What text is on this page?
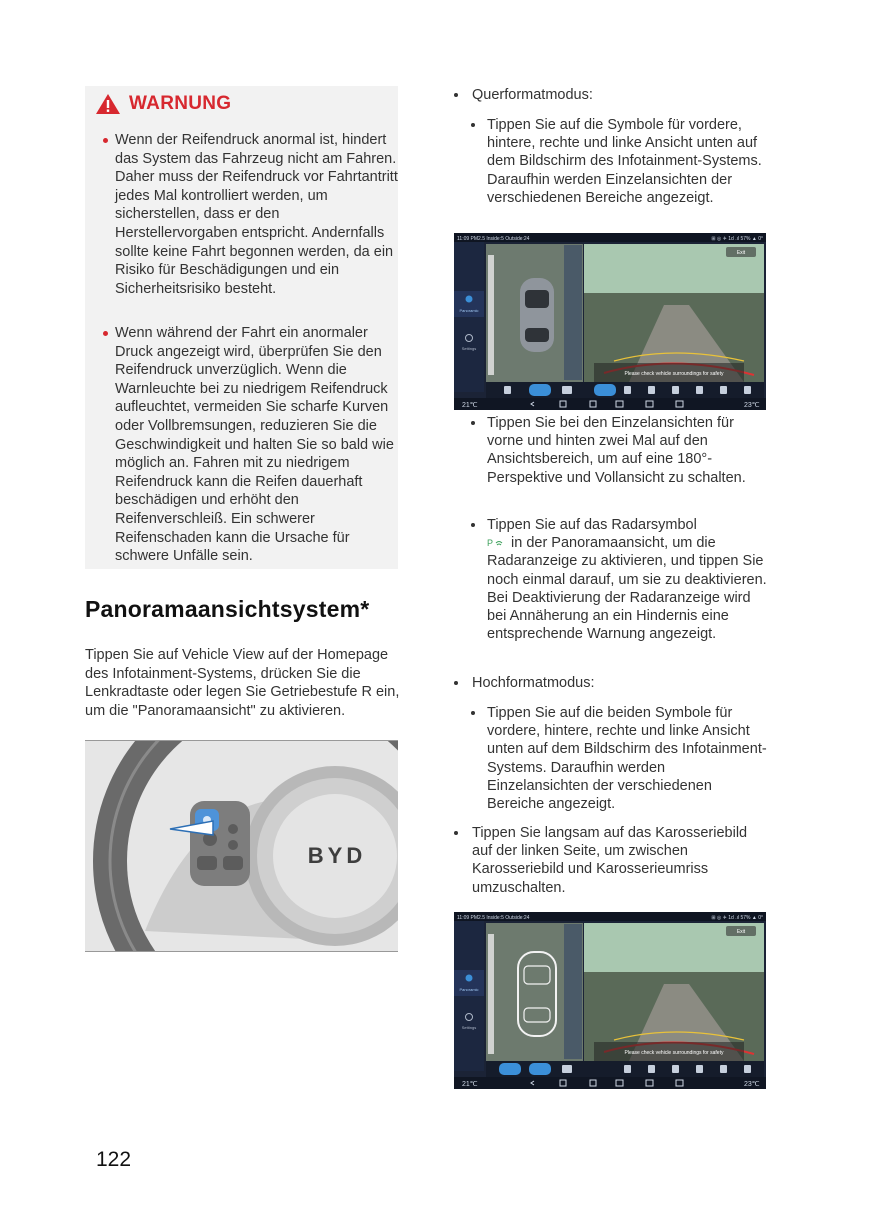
WARNUNG

Wenn der Reifendruck anormal ist, hindert das System das Fahrzeug nicht am Fahren. Daher muss der Reifendruck vor Fahrtantritt jedes Mal kontrolliert werden, um sicherstellen, dass er den Herstellervorgaben entspricht. Andernfalls sollte keine Fahrt begonnen werden, da ein Risiko für Beschädigungen und ein Sicherheitsrisiko besteht.

Wenn während der Fahrt ein anormaler Druck angezeigt wird, überprüfen Sie den Reifendruck unverzüglich. Wenn die Warnleuchte bei zu niedrigem Reifendruck aufleuchtet, vermeiden Sie scharfe Kurven oder Vollbremsungen, reduzieren Sie die Geschwindigkeit und halten Sie so bald wie möglich an. Fahren mit zu niedrigem Reifendruck kann die Reifen dauerhaft beschädigen und erhöht den Reifenverschleiß. Ein schwerer Reifenschaden kann die Ursache für schwere Unfälle sein.

Panoramaansichtsystem*

Tippen Sie auf Vehicle View auf der Homepage des Infotainment-Systems, drücken Sie die Lenkradtaste oder legen Sie Getriebestufe R ein, um die "Panoramaansicht" zu aktivieren.

BYD
122
Querformatmodus:
Tippen Sie auf die Symbole für vordere, hintere, rechte und linke Ansicht unten auf dem Bildschirm des Infotainment-Systems. Daraufhin werden Einzelansichten der verschiedenen Bereiche angezeigt.
11:09 PM2.5 Inside:5 Outside:24	⊞ ◎ ✈ 1d .ıl 57% ▲ 0°
Panoramic
Settings
Please check vehicle surroundings for safety
Exit
21℃	23℃
Tippen Sie bei den Einzelansichten für vorne und hinten zwei Mal auf den Ansichtsbereich, um auf eine 180°-Perspektive und Vollansicht zu schalten.
Tippen Sie auf das Radarsymbol

P in der Panoramaansicht, um die Radaranzeige zu aktivieren, und tippen Sie noch einmal darauf, um sie zu deaktivieren. Bei Deaktivierung der Radaranzeige wird bei Annäherung an ein Hindernis eine entsprechende Warnung angezeigt.
Hochformatmodus:
Tippen Sie auf die beiden Symbole für vordere, hintere, rechte und linke Ansicht unten auf dem Bildschirm des Infotainment-Systems. Daraufhin werden Einzelansichten der verschiedenen Bereiche angezeigt.
Tippen Sie langsam auf das Karosseriebild auf der linken Seite, um zwischen Karosseriebild und Karosserieumriss umzuschalten.
11:09 PM2.5 Inside:5 Outside:24	⊞ ◎ ✈ 1d .ıl 57% ▲ 0°
Panoramic
Settings
Please check vehicle surroundings for safety
Exit
21℃	23℃
